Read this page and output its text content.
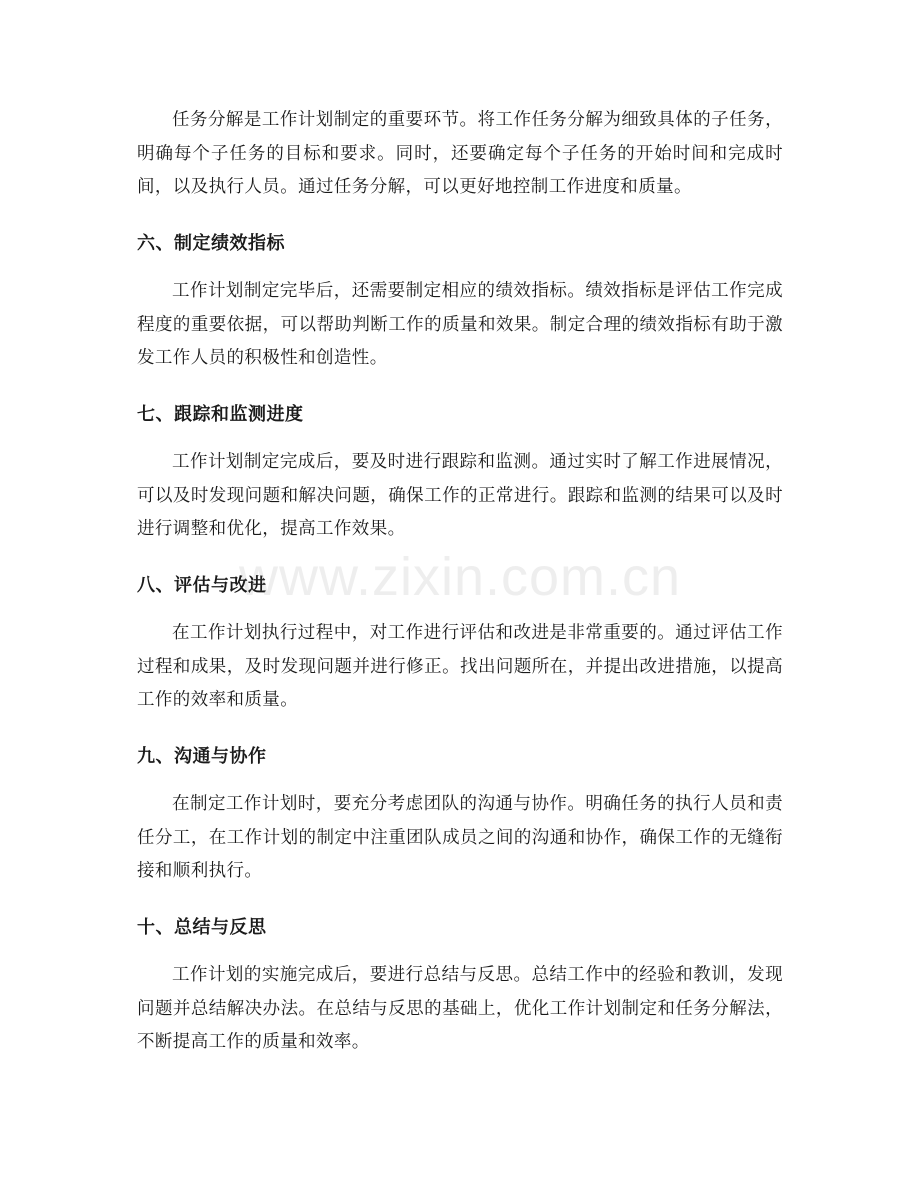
任务分解是工作计划制定的重要环节。将工作任务分解为细致具体的子任务，明确每个子任务的目标和要求。同时，还要确定每个子任务的开始时间和完成时间，以及执行人员。通过任务分解，可以更好地控制工作进度和质量。

六、制定绩效指标

工作计划制定完毕后，还需要制定相应的绩效指标。绩效指标是评估工作完成程度的重要依据，可以帮助判断工作的质量和效果。制定合理的绩效指标有助于激发工作人员的积极性和创造性。

七、跟踪和监测进度

工作计划制定完成后，要及时进行跟踪和监测。通过实时了解工作进展情况，可以及时发现问题和解决问题，确保工作的正常进行。跟踪和监测的结果可以及时进行调整和优化，提高工作效果。

八、评估与改进

在工作计划执行过程中，对工作进行评估和改进是非常重要的。通过评估工作过程和成果，及时发现问题并进行修正。找出问题所在，并提出改进措施，以提高工作的效率和质量。

九、沟通与协作

在制定工作计划时，要充分考虑团队的沟通与协作。明确任务的执行人员和责任分工，在工作计划的制定中注重团队成员之间的沟通和协作，确保工作的无缝衔接和顺利执行。

十、总结与反思

工作计划的实施完成后，要进行总结与反思。总结工作中的经验和教训，发现问题并总结解决办法。在总结与反思的基础上，优化工作计划制定和任务分解法，不断提高工作的质量和效率。

www.zixin.com.cn
